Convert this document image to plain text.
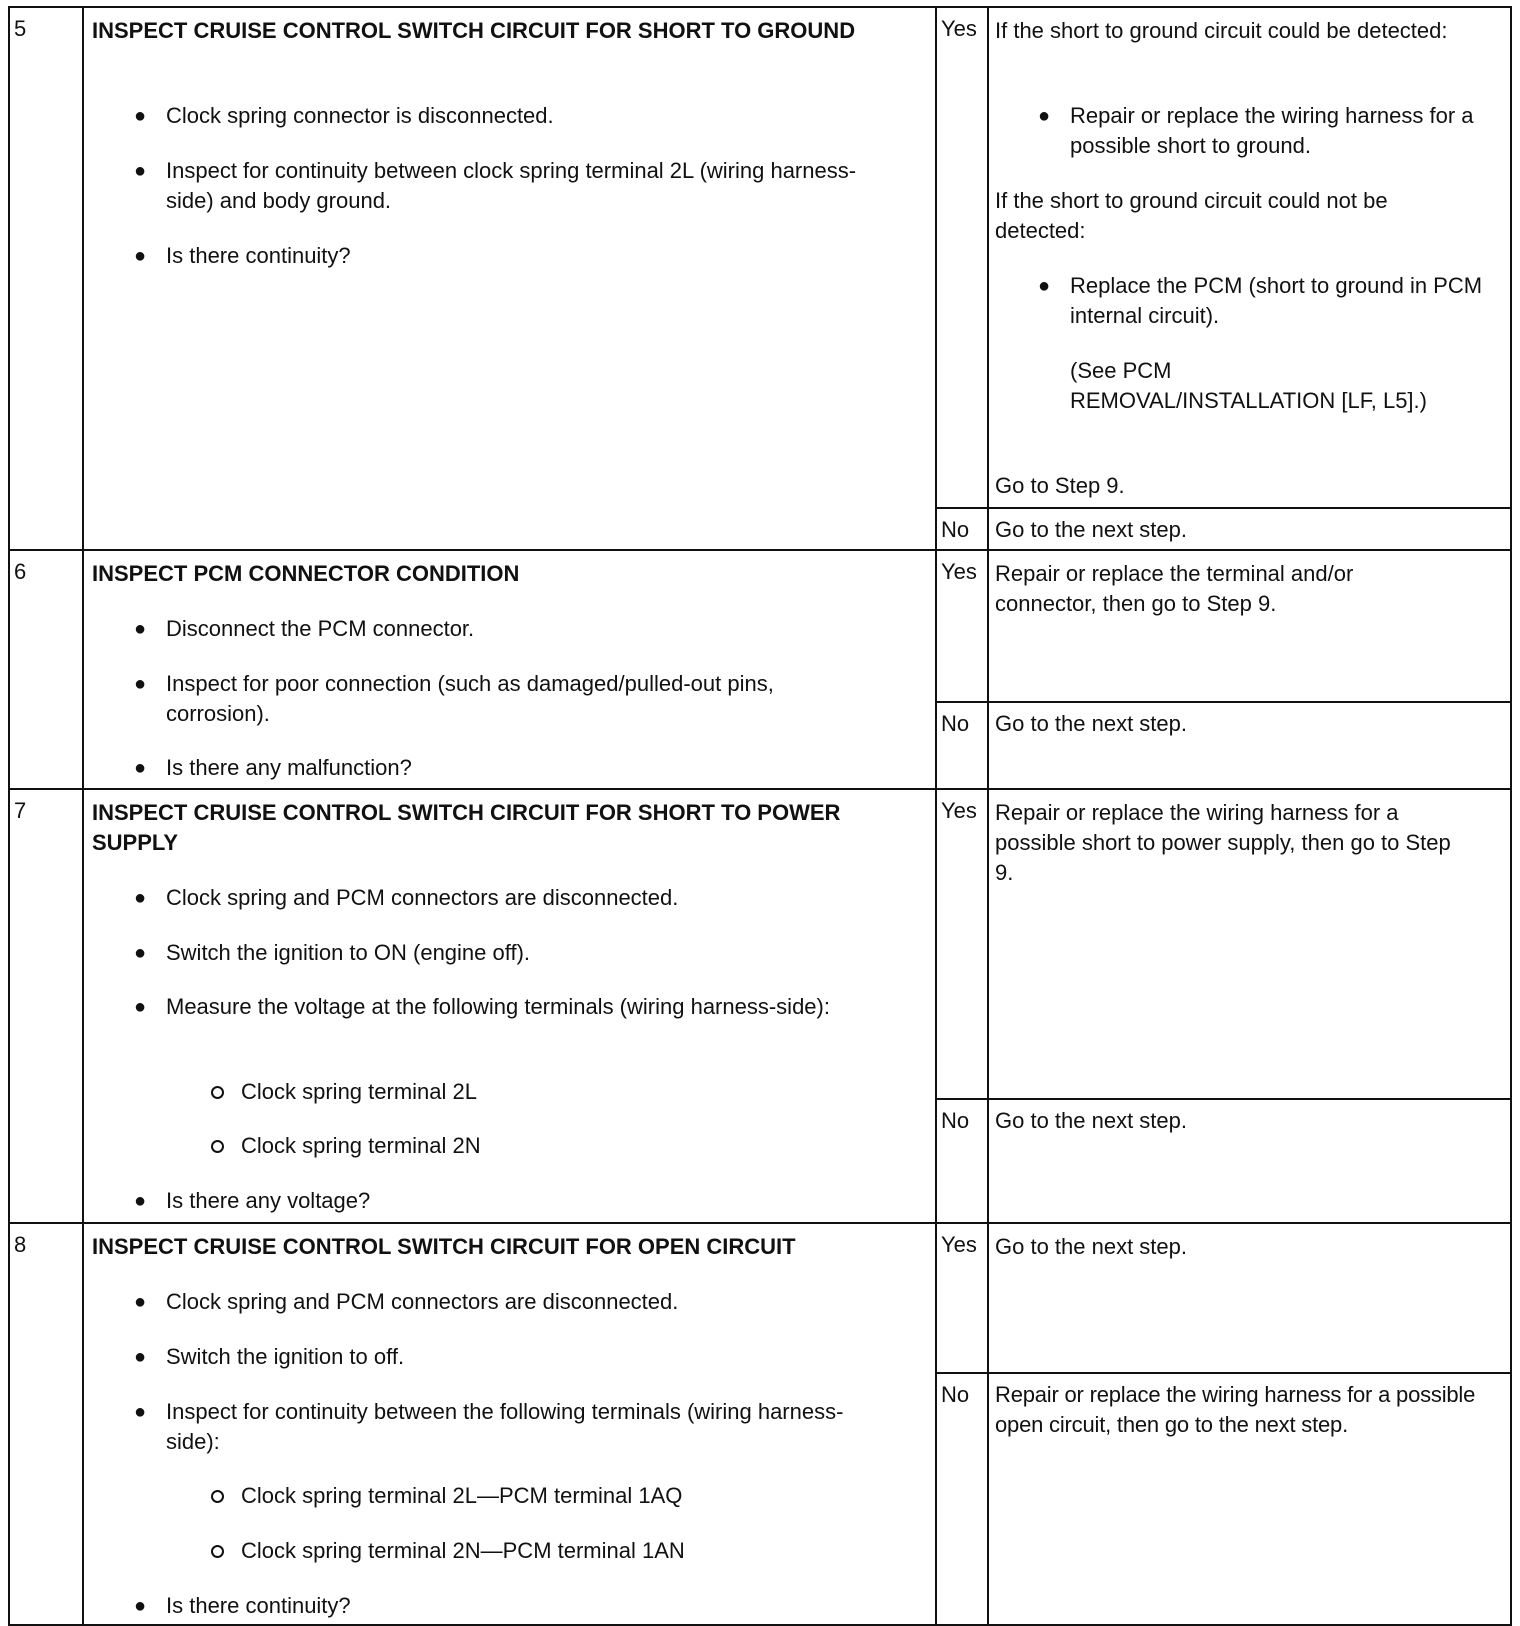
5	INSPECT CRUISE CONTROL SWITCH CIRCUIT FOR SHORT TO GROUND
● Clock spring connector is disconnected.
● Inspect for continuity between clock spring terminal 2L (wiring harness-side) and body ground.
● Is there continuity?
Yes If the short to ground circuit could be detected:
● Repair or replace the wiring harness for a possible short to ground.
If the short to ground circuit could not be detected:
● Replace the PCM (short to ground in PCM internal circuit).
(See PCM REMOVAL/INSTALLATION [LF, L5].)
Go to Step 9.
No Go to the next step.
6	INSPECT PCM CONNECTOR CONDITION
● Disconnect the PCM connector.
● Inspect for poor connection (such as damaged/pulled-out pins, corrosion).
● Is there any malfunction?
Yes Repair or replace the terminal and/or connector, then go to Step 9.
No Go to the next step.
7	INSPECT CRUISE CONTROL SWITCH CIRCUIT FOR SHORT TO POWER SUPPLY
● Clock spring and PCM connectors are disconnected.
● Switch the ignition to ON (engine off).
● Measure the voltage at the following terminals (wiring harness-side):
Clock spring terminal 2L
Clock spring terminal 2N
● Is there any voltage?
Yes Repair or replace the wiring harness for a possible short to power supply, then go to Step 9.
No Go to the next step.
8	INSPECT CRUISE CONTROL SWITCH CIRCUIT FOR OPEN CIRCUIT
● Clock spring and PCM connectors are disconnected.
● Switch the ignition to off.
● Inspect for continuity between the following terminals (wiring harness-side):
Clock spring terminal 2L—PCM terminal 1AQ
Clock spring terminal 2N—PCM terminal 1AN
● Is there continuity?
Yes Go to the next step.
No Repair or replace the wiring harness for a possible open circuit, then go to the next step.
